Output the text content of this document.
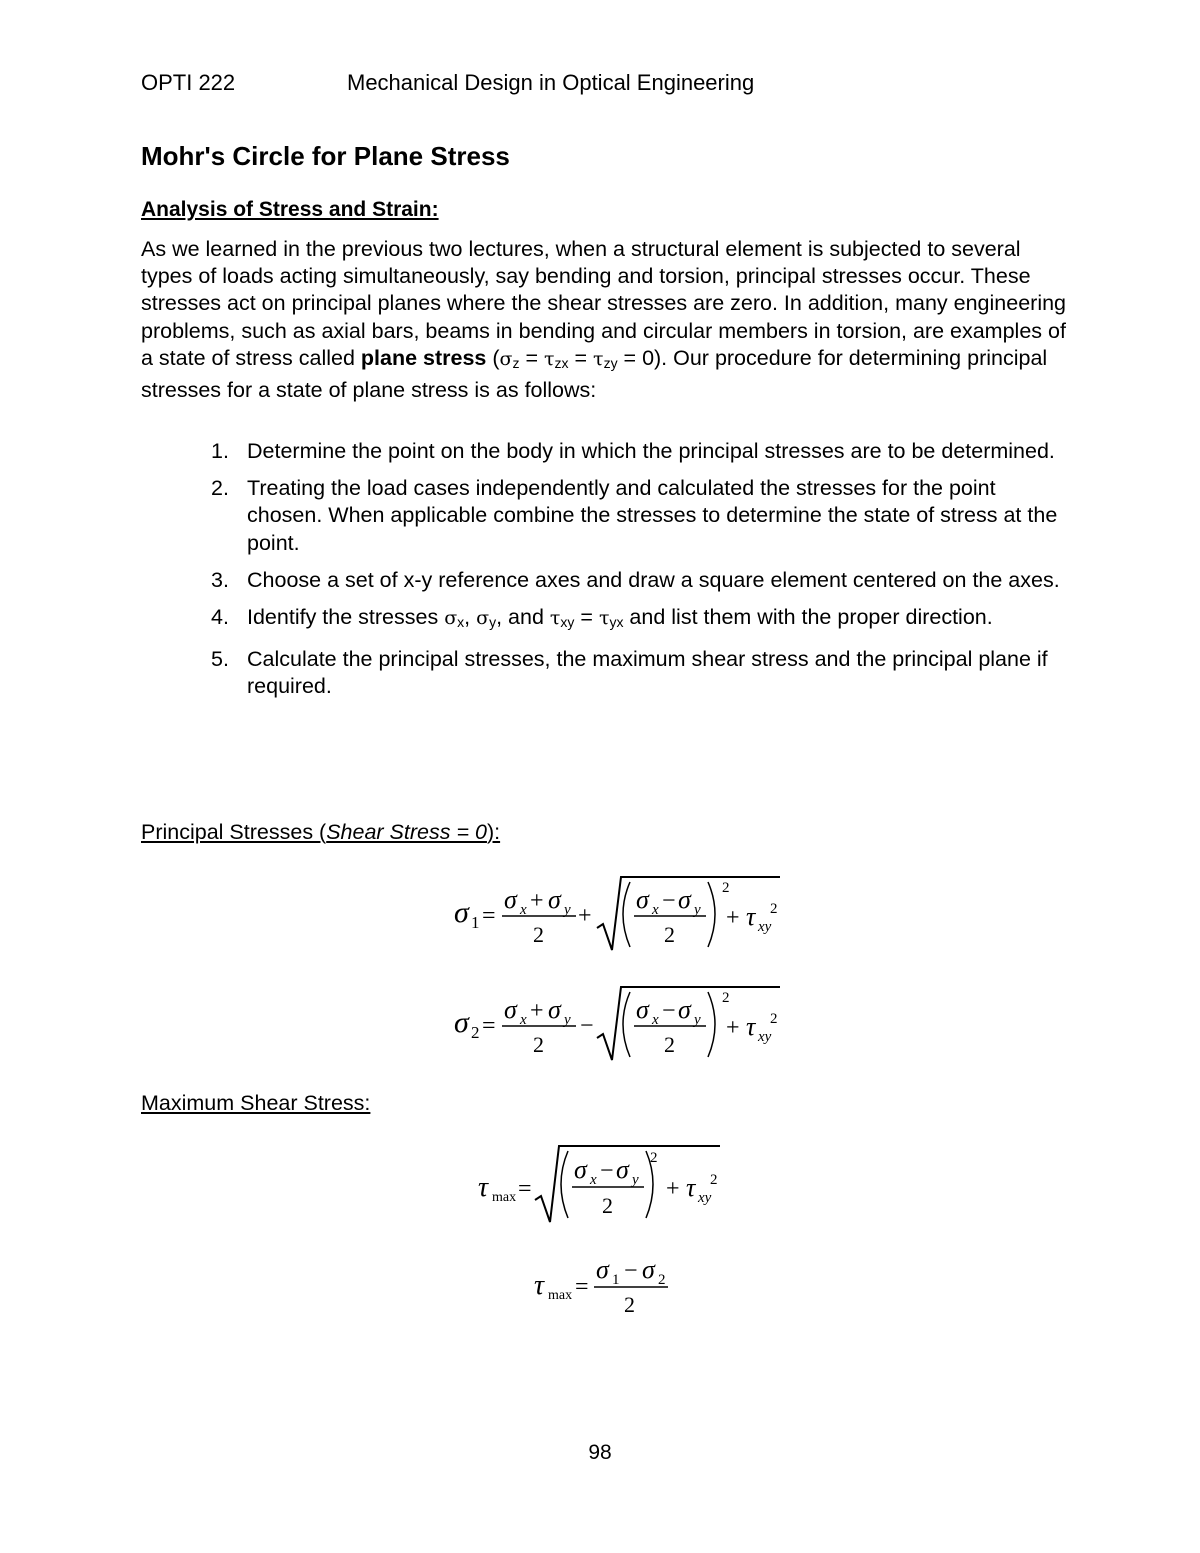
OPTI 222	Mechanical Design in Optical Engineering
Mohr's Circle for Plane Stress
Analysis of Stress and Strain:
As we learned in the previous two lectures, when a structural element is subjected to several types of loads acting simultaneously, say bending and torsion, principal stresses occur. These stresses act on principal planes where the shear stresses are zero. In addition, many engineering problems, such as axial bars, beams in bending and circular members in torsion, are examples of a state of stress called plane stress $(\sigma_z = \tau_{zx} = \tau_{zy} = 0)$. Our procedure for determining principal stresses for a state of plane stress is as follows:
1. Determine the point on the body in which the principal stresses are to be determined.
2. Treating the load cases independently and calculated the stresses for the point chosen. When applicable combine the stresses to determine the state of stress at the point.
3. Choose a set of x-y reference axes and draw a square element centered on the axes.
4. Identify the stresses $\sigma_x$, $\sigma_y$, and $\tau_{xy} = \tau_{yx}$ and list them with the proper direction.
5. Calculate the principal stresses, the maximum shear stress and the principal plane if required.
Principal Stresses (Shear Stress = 0):
σ 1 =
σ x + σ y
2
+
σ x − σ y
2
2
+ τ xy
2
σ 2 =
σ x + σ y
2
−
σ x − σ y
2
2
+ τ xy
2
Maximum Shear Stress:
τ max =
σ x − σ y
2
2
+ τ xy
2
τ max =
σ 1 − σ 2
2
98
